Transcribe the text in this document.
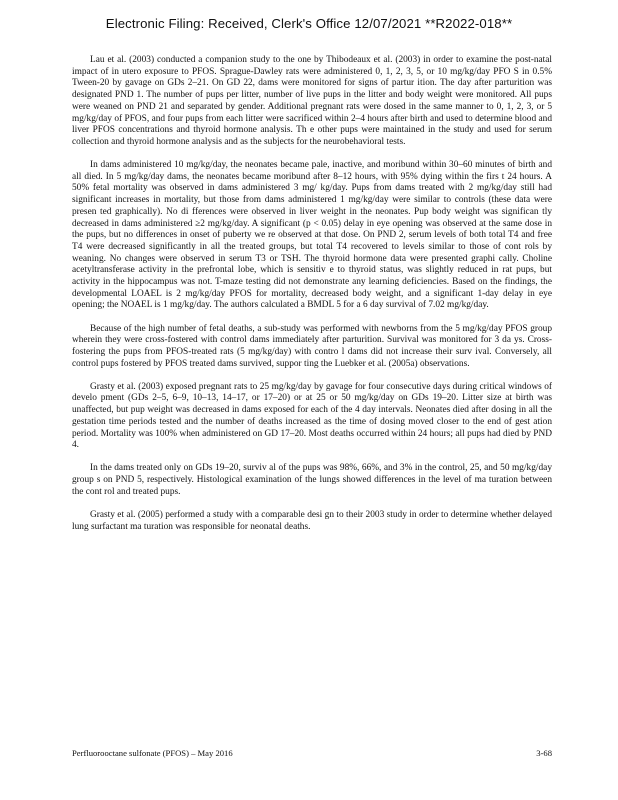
Electronic Filing: Received, Clerk's Office 12/07/2021 **R2022-018**

Lau et al. (2003) conducted a companion study to the one by Thibodeaux et al. (2003) in order to examine the post-natal impact of in utero exposure to PFOS. Sprague-Dawley rats were administered 0, 1, 2, 3, 5, or 10 mg/kg/day PFO S in 0.5% Tween-20 by gavage on GDs 2–21. On GD 22, dams were monitored for signs of partur ition. The day after parturition was designated PND 1. The number of pups per litter, number of live pups in the litter and body weight were monitored. All pups were weaned on PND 21 and separated by gender. Additional pregnant rats were dosed in the same manner to 0, 1, 2, 3, or 5 mg/kg/day of PFOS, and four pups from each litter were sacrificed within 2–4 hours after birth and used to determine blood and liver PFOS concentrations and thyroid hormone analysis. Th e other pups were maintained in the study and used for serum collection and thyroid hormone analysis and as the subjects for the neurobehavioral tests.

In dams administered 10 mg/kg/day, the neonates became pale, inactive, and moribund within 30–60 minutes of birth and all died. In 5 mg/kg/day dams, the neonates became moribund after 8–12 hours, with 95% dying within the firs t 24 hours. A 50% fetal mortality was observed in dams administered 3 mg/ kg/day. Pups from dams treated with 2 mg/kg/day still had significant increases in mortality, but those from dams administered 1 mg/kg/day were similar to controls (these data were presen ted graphically). No di fferences were observed in liver weight in the neonates. Pup body weight was significan tly decreased in dams administered ≥2 mg/kg/day. A significant (p < 0.05) delay in eye opening was observed at the same dose in the pups, but no differences in onset of puberty we re observed at that dose. On PND 2, serum levels of both total T4 and free T4 were decreased significantly in all the treated groups, but total T4 recovered to levels similar to those of cont rols by weaning. No changes were observed in serum T3 or TSH. The thyroid hormone data were presented graphi cally. Choline acetyltransferase activity in the prefrontal lobe, which is sensitiv e to thyroid status, was slightly reduced in rat pups, but activity in the hippocampus was not. T-maze testing did not demonstrate any learning deficiencies. Based on the findings, the developmental LOAEL is 2 mg/kg/day PFOS for mortality, decreased body weight, and a significant 1-day delay in eye opening; the NOAEL is 1 mg/kg/day. The authors calculated a BMDL 5 for a 6 day survival of 7.02 mg/kg/day.

Because of the high number of fetal deaths, a sub-study was performed with newborns from the 5 mg/kg/day PFOS group wherein they were cross-fostered with control dams immediately after parturition. Survival was monitored for 3 da ys. Cross-fostering the pups from PFOS-treated rats (5 mg/kg/day) with contro l dams did not increase their surv ival. Conversely, all control pups fostered by PFOS treated dams survived, suppor ting the Luebker et al. (2005a) observations.

Grasty et al. (2003) exposed pregnant rats to 25 mg/kg/day by gavage for four consecutive days during critical windows of develo pment (GDs 2–5, 6–9, 10–13, 14–17, or 17–20) or at 25 or 50 mg/kg/day on GDs 19–20. Litter size at birth was unaffected, but pup weight was decreased in dams exposed for each of the 4 day intervals. Neonates died after dosing in all the gestation time periods tested and the number of deaths increased as the time of dosing moved closer to the end of gest ation period. Mortality was 100% when administered on GD 17–20. Most deaths occurred within 24 hours; all pups had died by PND 4.

In the dams treated only on GDs 19–20, surviv al of the pups was 98%, 66%, and 3% in the control, 25, and 50 mg/kg/day group s on PND 5, respectively. Histological examination of the lungs showed differences in the level of ma turation between the cont rol and treated pups.

Grasty et al. (2005) performed a study with a comparable desi gn to their 2003 study in order to determine whether delayed lung surfactant ma turation was responsible for neonatal deaths.

Perfluorooctane sulfonate (PFOS) – May 2016	3-68
